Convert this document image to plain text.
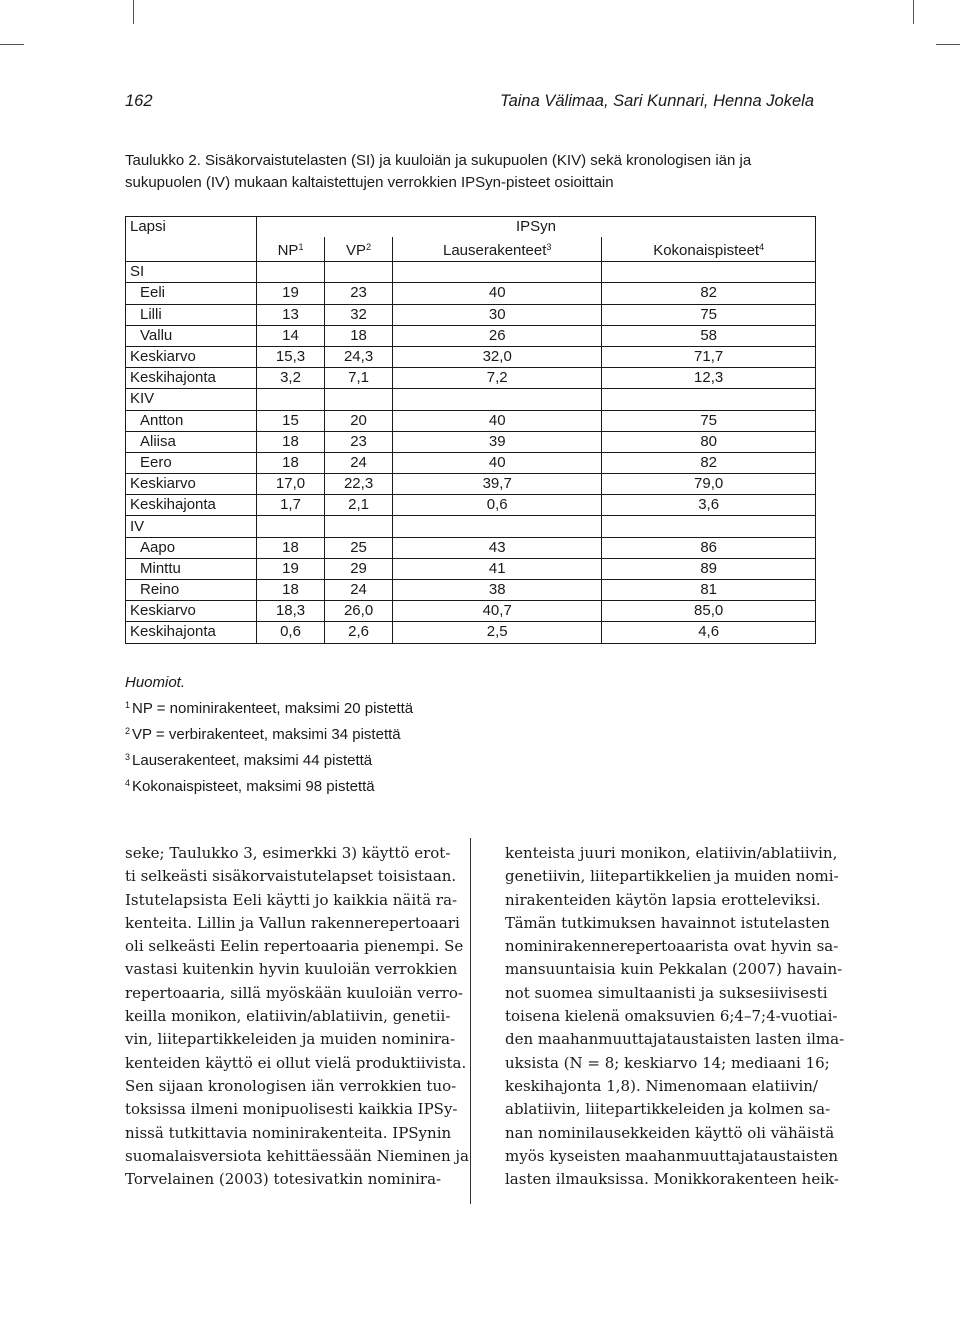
162	Taina Välimaa, Sari Kunnari, Henna Jokela
Taulukko 2. Sisäkorvaistutelasten (SI) ja kuuloiän ja sukupuolen (KIV) sekä kronologisen iän ja
sukupuolen (IV) mukaan kaltaistettujen verrokkien IPSyn-pisteet osioittain
Lapsi	IPSyn			
	$NP^1$	$VP^2$	Lauserakenteet$^3$	Kokonaispisteet$^4$
SI				
Eeli	19	23	40	82
Lilli	13	32	30	75
Vallu	14	18	26	58
Keskiarvo	15,3	24,3	32,0	71,7
Keskihajonta	3,2	7,1	7,2	12,3
KIV				
Antton	15	20	40	75
Aliisa	18	23	39	80
Eero	18	24	40	82
Keskiarvo	17,0	22,3	39,7	79,0
Keskihajonta	1,7	2,1	0,6	3,6
IV				
Aapo	18	25	43	86
Minttu	19	29	41	89
Reino	18	24	38	81
Keskiarvo	18,3	26,0	40,7	85,0
Keskihajonta	0,6	2,6	2,5	4,6
Huomiot.
$^1$ NP = nominirakenteet, maksimi 20 pistettä
$^2$ VP = verbirakenteet, maksimi 34 pistettä
$^3$ Lauserakenteet, maksimi 44 pistettä
$^4$ Kokonaispisteet, maksimi 98 pistettä

seke; Taulukko 3, esimerkki 3) käyttö erot-

ti selkeästi sisäkorvaistutelapset toisistaan.

Istutelapsista Eeli käytti jo kaikkia näitä ra-

kenteita. Lillin ja Vallun rakennerepertoaari

oli selkeästi Eelin repertoaaria pienempi. Se

vastasi kuitenkin hyvin kuuloiän verrokkien

repertoaaria, sillä myöskään kuuloiän verro-

keilla monikon, elatiivin/ablatiivin, genetii-

vin, liitepartikkeleiden ja muiden nominira-

kenteiden käyttö ei ollut vielä produktiivista.

Sen sijaan kronologisen iän verrokkien tuo-

toksissa ilmeni monipuolisesti kaikkia IPSy-

nissä tutkittavia nominirakenteita. IPSynin

suomalaisversiota kehittäessään Nieminen ja

Torvelainen (2003) totesivatkin nominira-

kenteista juuri monikon, elatiivin/ablatiivin,

genetiivin, liitepartikkelien ja muiden nomi-

nirakenteiden käytön lapsia erotteleviksi.

Tämän tutkimuksen havainnot istutelasten

nominirakennerepertoaarista ovat hyvin sa-

mansuuntaisia kuin Pekkalan (2007) havain-

not suomea simultaanisti ja suksesiivisesti

toisena kielenä omaksuvien 6;4–7;4-vuotiai-

den maahanmuuttajataustaisten lasten ilma-

uksista (N = 8; keskiarvo 14; mediaani 16;

keskihajonta 1,8). Nimenomaan elatiivin/

ablatiivin, liitepartikkeleiden ja kolmen sa-

nan nominilausekkeiden käyttö oli vähäistä

myös kyseisten maahanmuuttajataustaisten

lasten ilmauksissa. Monikkorakenteen heik-
